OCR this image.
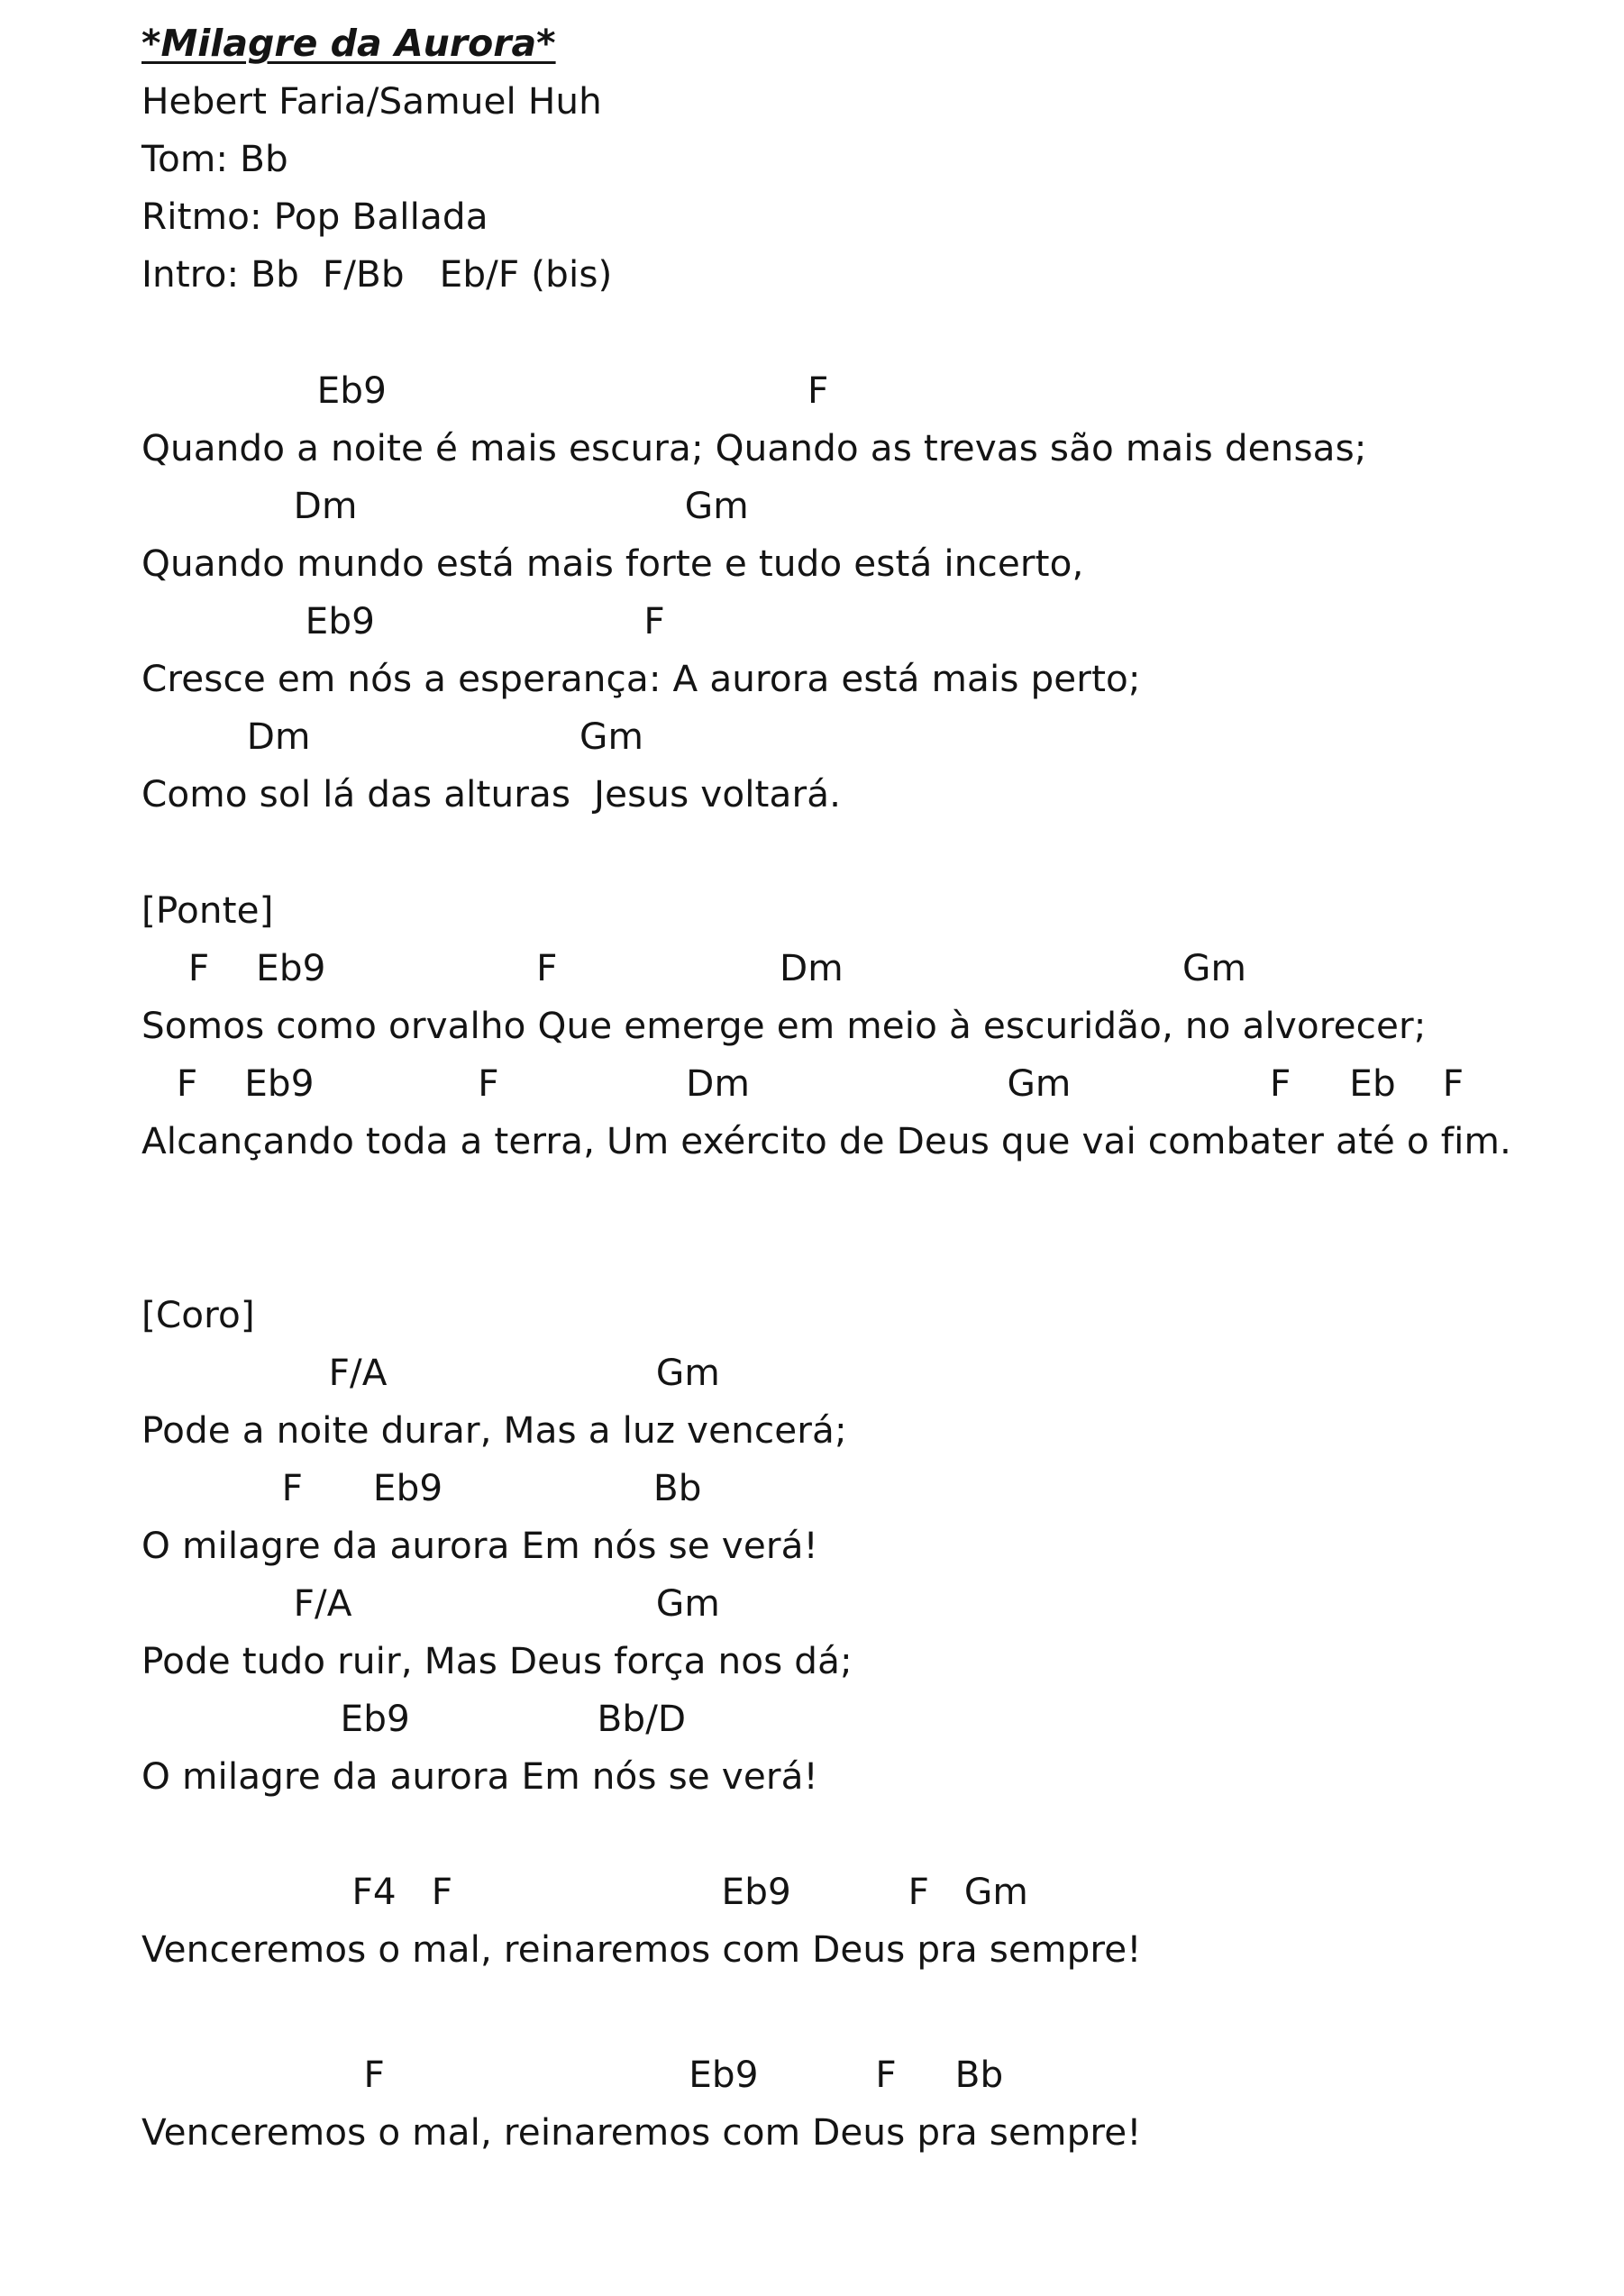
*Milagre da Aurora*
Hebert Faria/Samuel Huh
Tom: Bb
Ritmo: Pop Ballada
Intro: Bb  F/Bb   Eb/F (bis)
Eb9                                    F
Quando a noite é mais escura; Quando as trevas são mais densas;
Dm                            Gm
Quando mundo está mais forte e tudo está incerto,
Eb9                       F
Cresce em nós a esperança: A aurora está mais perto;
Dm                       Gm
Como sol lá das alturas  Jesus voltará.
[Ponte]
F    Eb9                  F                   Dm                             Gm
Somos como orvalho Que emerge em meio à escuridão, no alvorecer;
F    Eb9              F                Dm                      Gm                 F     Eb    F
Alcançando toda a terra, Um exército de Deus que vai combater até o fim.
[Coro]
F/A                       Gm
Pode a noite durar, Mas a luz vencerá;
F      Eb9                  Bb
O milagre da aurora Em nós se verá!
F/A                          Gm
Pode tudo ruir, Mas Deus força nos dá;
Eb9                Bb/D
O milagre da aurora Em nós se verá!
F4   F                       Eb9          F   Gm
Venceremos o mal, reinaremos com Deus pra sempre!
F                          Eb9          F     Bb
Venceremos o mal, reinaremos com Deus pra sempre!
